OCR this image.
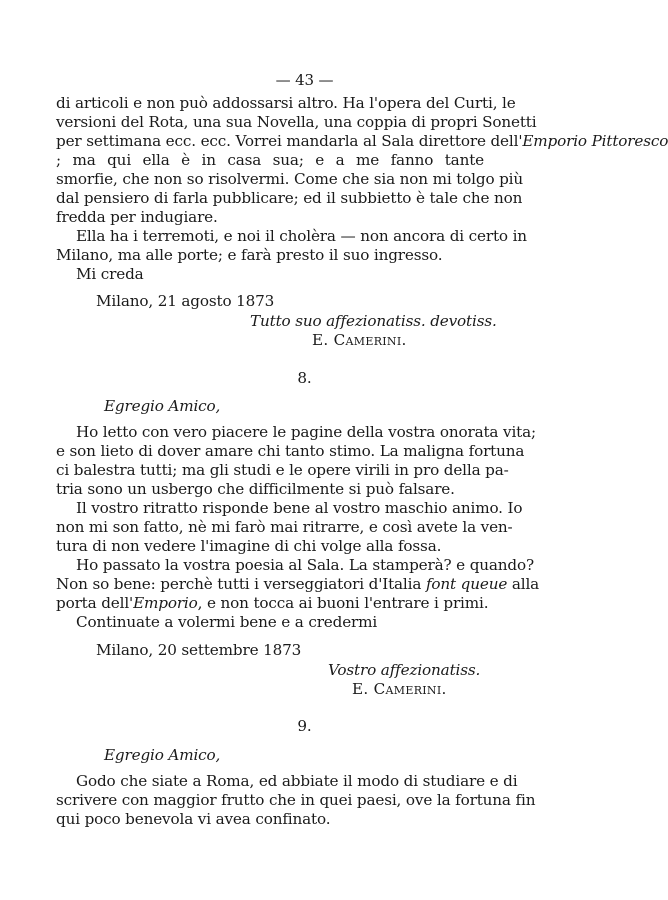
— 43 —
di articoli e non può addossarsi altro. Ha l'opera del Curti, le
versioni del Rota, una sua Novella, una coppia di propri Sonetti
per settimana ecc. ecc. Vorrei mandarla al Sala direttore dell'Emporio Pittoresco
; ma qui ella è in casa sua; e a me fanno tante
smorfie, che non so risolvermi. Come che sia non mi tolgo più
dal pensiero di farla pubblicare; ed il subbietto è tale che non
fredda per indugiare.
Ella ha i terremoti, e noi il cholèra — non ancora di certo in
Milano, ma alle porte; e farà presto il suo ingresso.
Mi creda
Milano, 21 agosto 1873
Tutto suo affezionatiss. devotiss.
E. Camerini.
8.
Egregio Amico,
Ho letto con vero piacere le pagine della vostra onorata vita;
e son lieto di dover amare chi tanto stimo. La maligna fortuna
ci balestra tutti; ma gli studi e le opere virili in pro della pa-
tria sono un usbergo che difficilmente si può falsare.
Il vostro ritratto risponde bene al vostro maschio animo. Io
non mi son fatto, nè mi farò mai ritrarre, e così avete la ven-
tura di non vedere l'imagine di chi volge alla fossa.
Ho passato la vostra poesia al Sala. La stamperà? e quando?
Non so bene: perchè tutti i verseggiatori d'Italia font queue alla
porta dell'Emporio, e non tocca ai buoni l'entrare i primi.
Continuate a volermi bene e a credermi
Milano, 20 settembre 1873
Vostro affezionatiss.
E. Camerini.
9.
Egregio Amico,
Godo che siate a Roma, ed abbiate il modo di studiare e di
scrivere con maggior frutto che in quei paesi, ove la fortuna fin
qui poco benevola vi avea confinato.
